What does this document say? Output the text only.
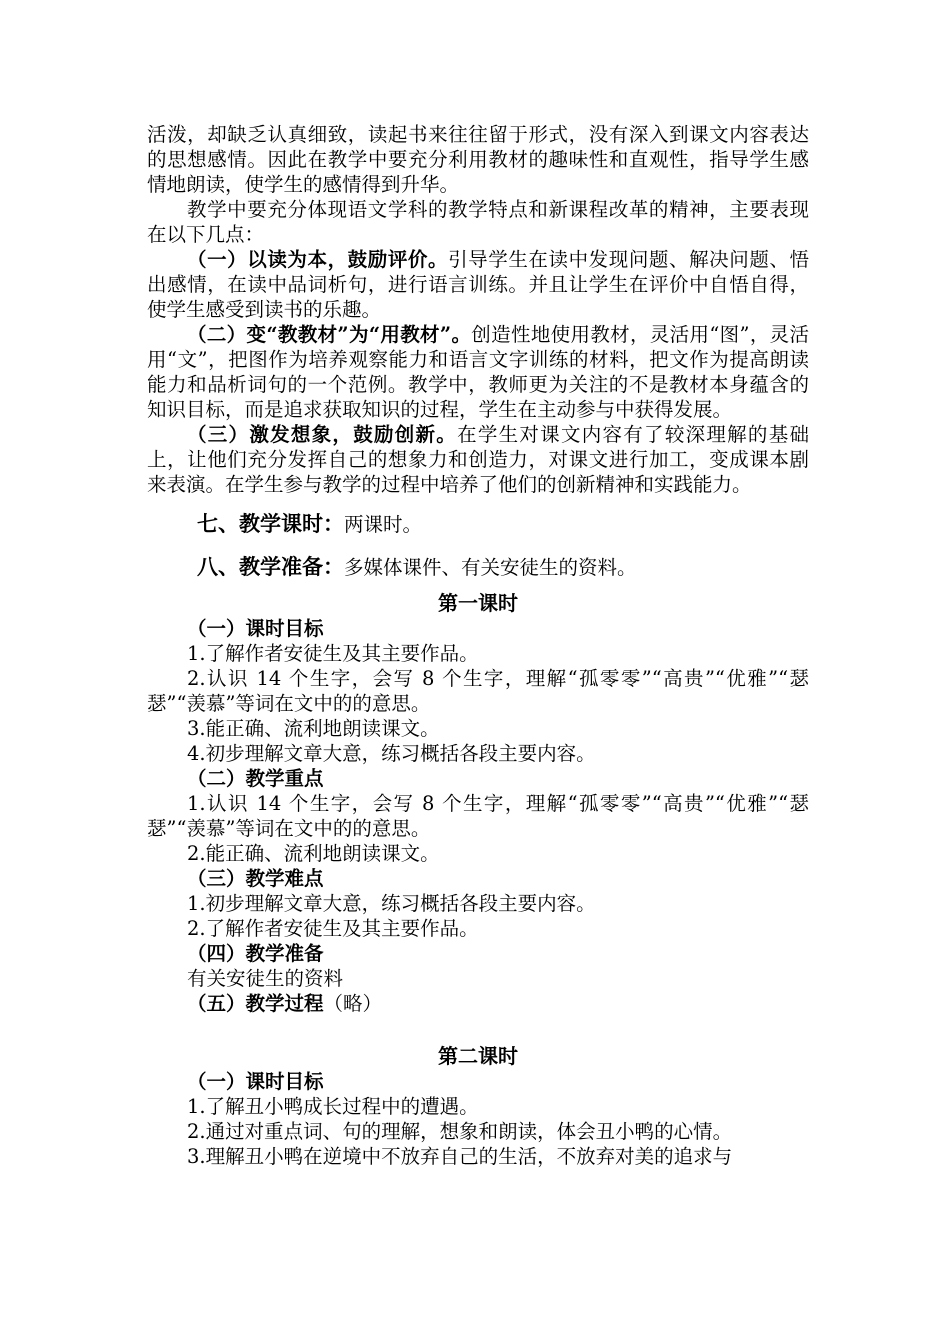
活泼，却缺乏认真细致，读起书来往往留于形式，没有深入到课文内容表达的思想感情。因此在教学中要充分利用教材的趣味性和直观性，指导学生感情地朗读，使学生的感情得到升华。

教学中要充分体现语文学科的教学特点和新课程改革的精神，主要表现在以下几点：

（一）以读为本，鼓励评价。引导学生在读中发现问题、解决问题、悟出感情，在读中品词析句，进行语言训练。并且让学生在评价中自悟自得，使学生感受到读书的乐趣。

（二）变“教教材”为“用教材”。创造性地使用教材，灵活用“图”，灵活用“文”，把图作为培养观察能力和语言文字训练的材料，把文作为提高朗读能力和品析词句的一个范例。教学中，教师更为关注的不是教材本身蕴含的知识目标，而是追求获取知识的过程，学生在主动参与中获得发展。

（三）激发想象，鼓励创新。在学生对课文内容有了较深理解的基础上，让他们充分发挥自己的想象力和创造力，对课文进行加工，变成课本剧来表演。在学生参与教学的过程中培养了他们的创新精神和实践能力。

七、教学课时：两课时。

八、教学准备：多媒体课件、有关安徒生的资料。

第一课时

（一）课时目标

1.了解作者安徒生及其主要作品。

2.认识 14 个生字，会写 8 个生字，理解“孤零零”“高贵”“优雅”“瑟瑟”“羡慕”等词在文中的的意思。

3.能正确、流利地朗读课文。

4.初步理解文章大意，练习概括各段主要内容。

（二）教学重点

1.认识 14 个生字，会写 8 个生字，理解“孤零零”“高贵”“优雅”“瑟瑟”“羡慕”等词在文中的的意思。

2.能正确、流利地朗读课文。

（三）教学难点

1.初步理解文章大意，练习概括各段主要内容。

2.了解作者安徒生及其主要作品。

（四）教学准备

有关安徒生的资料

（五）教学过程（略）

第二课时

（一）课时目标

1.了解丑小鸭成长过程中的遭遇。

2.通过对重点词、句的理解，想象和朗读，体会丑小鸭的心情。

3.理解丑小鸭在逆境中不放弃自己的生活，不放弃对美的追求与
